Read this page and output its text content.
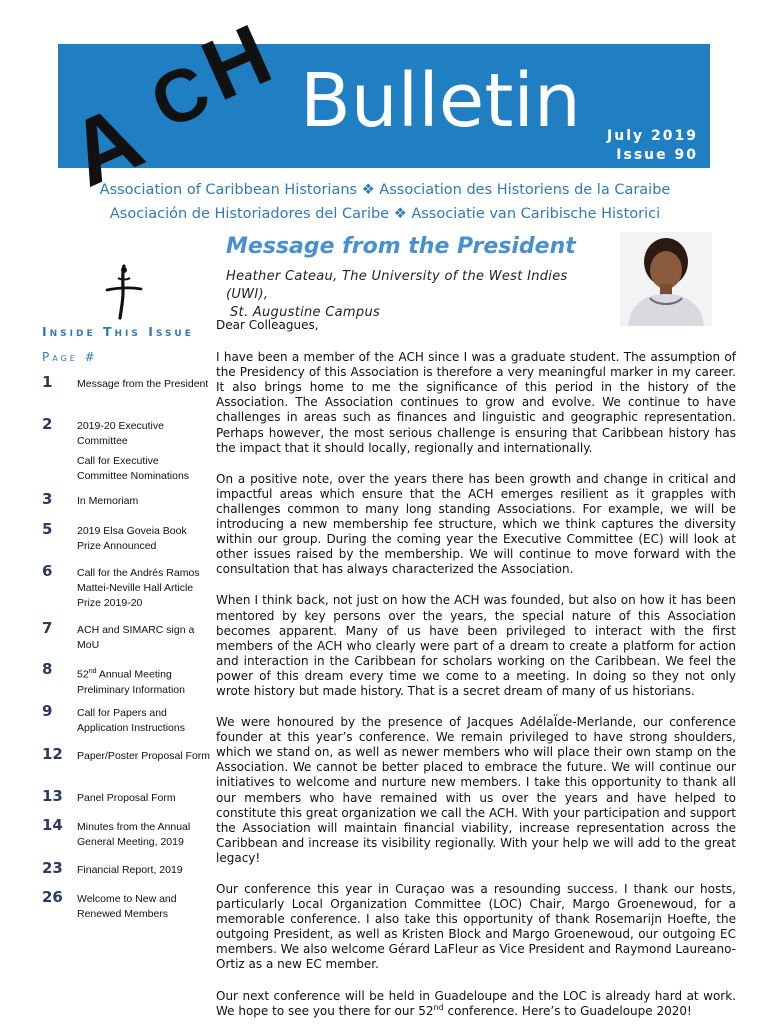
A
C
H Bulletin July 2019
Issue 90
Association of Caribbean Historians ❖ Association des Historiens de la Caraibe
Asociación de Historiadores del Caribe ❖ Associatie van Caribische Historici
Message from the President
Heather Cateau, The University of the West Indies (UWI),
St. Augustine Campus
Inside This Issue
Page #
1	Message from the President
2	2019-20 Executive Committee
Call for Executive Committee Nominations
3	In Memoriam
5	2019 Elsa Goveia Book Prize Announced
6	Call for the Andrés Ramos Mattei-Neville Hall Article Prize 2019-20
7	ACH and SIMARC sign a MoU
8	52nd Annual Meeting Preliminary Information
9	Call for Papers and Application Instructions
12	Paper/Poster Proposal Form
13	Panel Proposal Form
14	Minutes from the Annual General Meeting, 2019
23	Financial Report, 2019
26	Welcome to New and Renewed Members

Dear Colleagues,

I have been a member of the ACH since I was a graduate student. The assumption of the Presidency of this Association is therefore a very meaningful marker in my career. It also brings home to me the significance of this period in the history of the Association. The Association continues to grow and evolve. We continue to have challenges in areas such as finances and linguistic and geographic representation. Perhaps however, the most serious challenge is ensuring that Caribbean history has the impact that it should locally, regionally and internationally.

On a positive note, over the years there has been growth and change in critical and impactful areas which ensure that the ACH emerges resilient as it grapples with challenges common to many long standing Associations. For example, we will be introducing a new membership fee structure, which we think captures the diversity within our group. During the coming year the Executive Committee (EC) will look at other issues raised by the membership. We will continue to move forward with the consultation that has always characterized the Association.

When I think back, not just on how the ACH was founded, but also on how it has been mentored by key persons over the years, the special nature of this Association becomes apparent. Many of us have been privileged to interact with the first members of the ACH who clearly were part of a dream to create a platform for action and interaction in the Caribbean for scholars working on the Caribbean. We feel the power of this dream every time we come to a meeting. In doing so they not only wrote history but made history. That is a secret dream of many of us historians.

We were honoured by the presence of Jacques AdélaÏde-Merlande, our conference founder at this year’s conference. We remain privileged to have strong shoulders, which we stand on, as well as newer members who will place their own stamp on the Association. We cannot be better placed to embrace the future. We will continue our initiatives to welcome and nurture new members. I take this opportunity to thank all our members who have remained with us over the years and have helped to constitute this great organization we call the ACH. With your participation and support the Association will maintain financial viability, increase representation across the Caribbean and increase its visibility regionally. With your help we will add to the great legacy!

Our conference this year in Curaçao was a resounding success. I thank our hosts, particularly Local Organization Committee (LOC) Chair, Margo Groenewoud, for a memorable conference. I also take this opportunity of thank Rosemarijn Hoefte, the outgoing President, as well as Kristen Block and Margo Groenewoud, our outgoing EC members. We also welcome Gérard LaFleur as Vice President and Raymond Laureano-Ortiz as a new EC member.

Our next conference will be held in Guadeloupe and the LOC is already hard at work. We hope to see you there for our 52nd conference. Here’s to Guadeloupe 2020!
